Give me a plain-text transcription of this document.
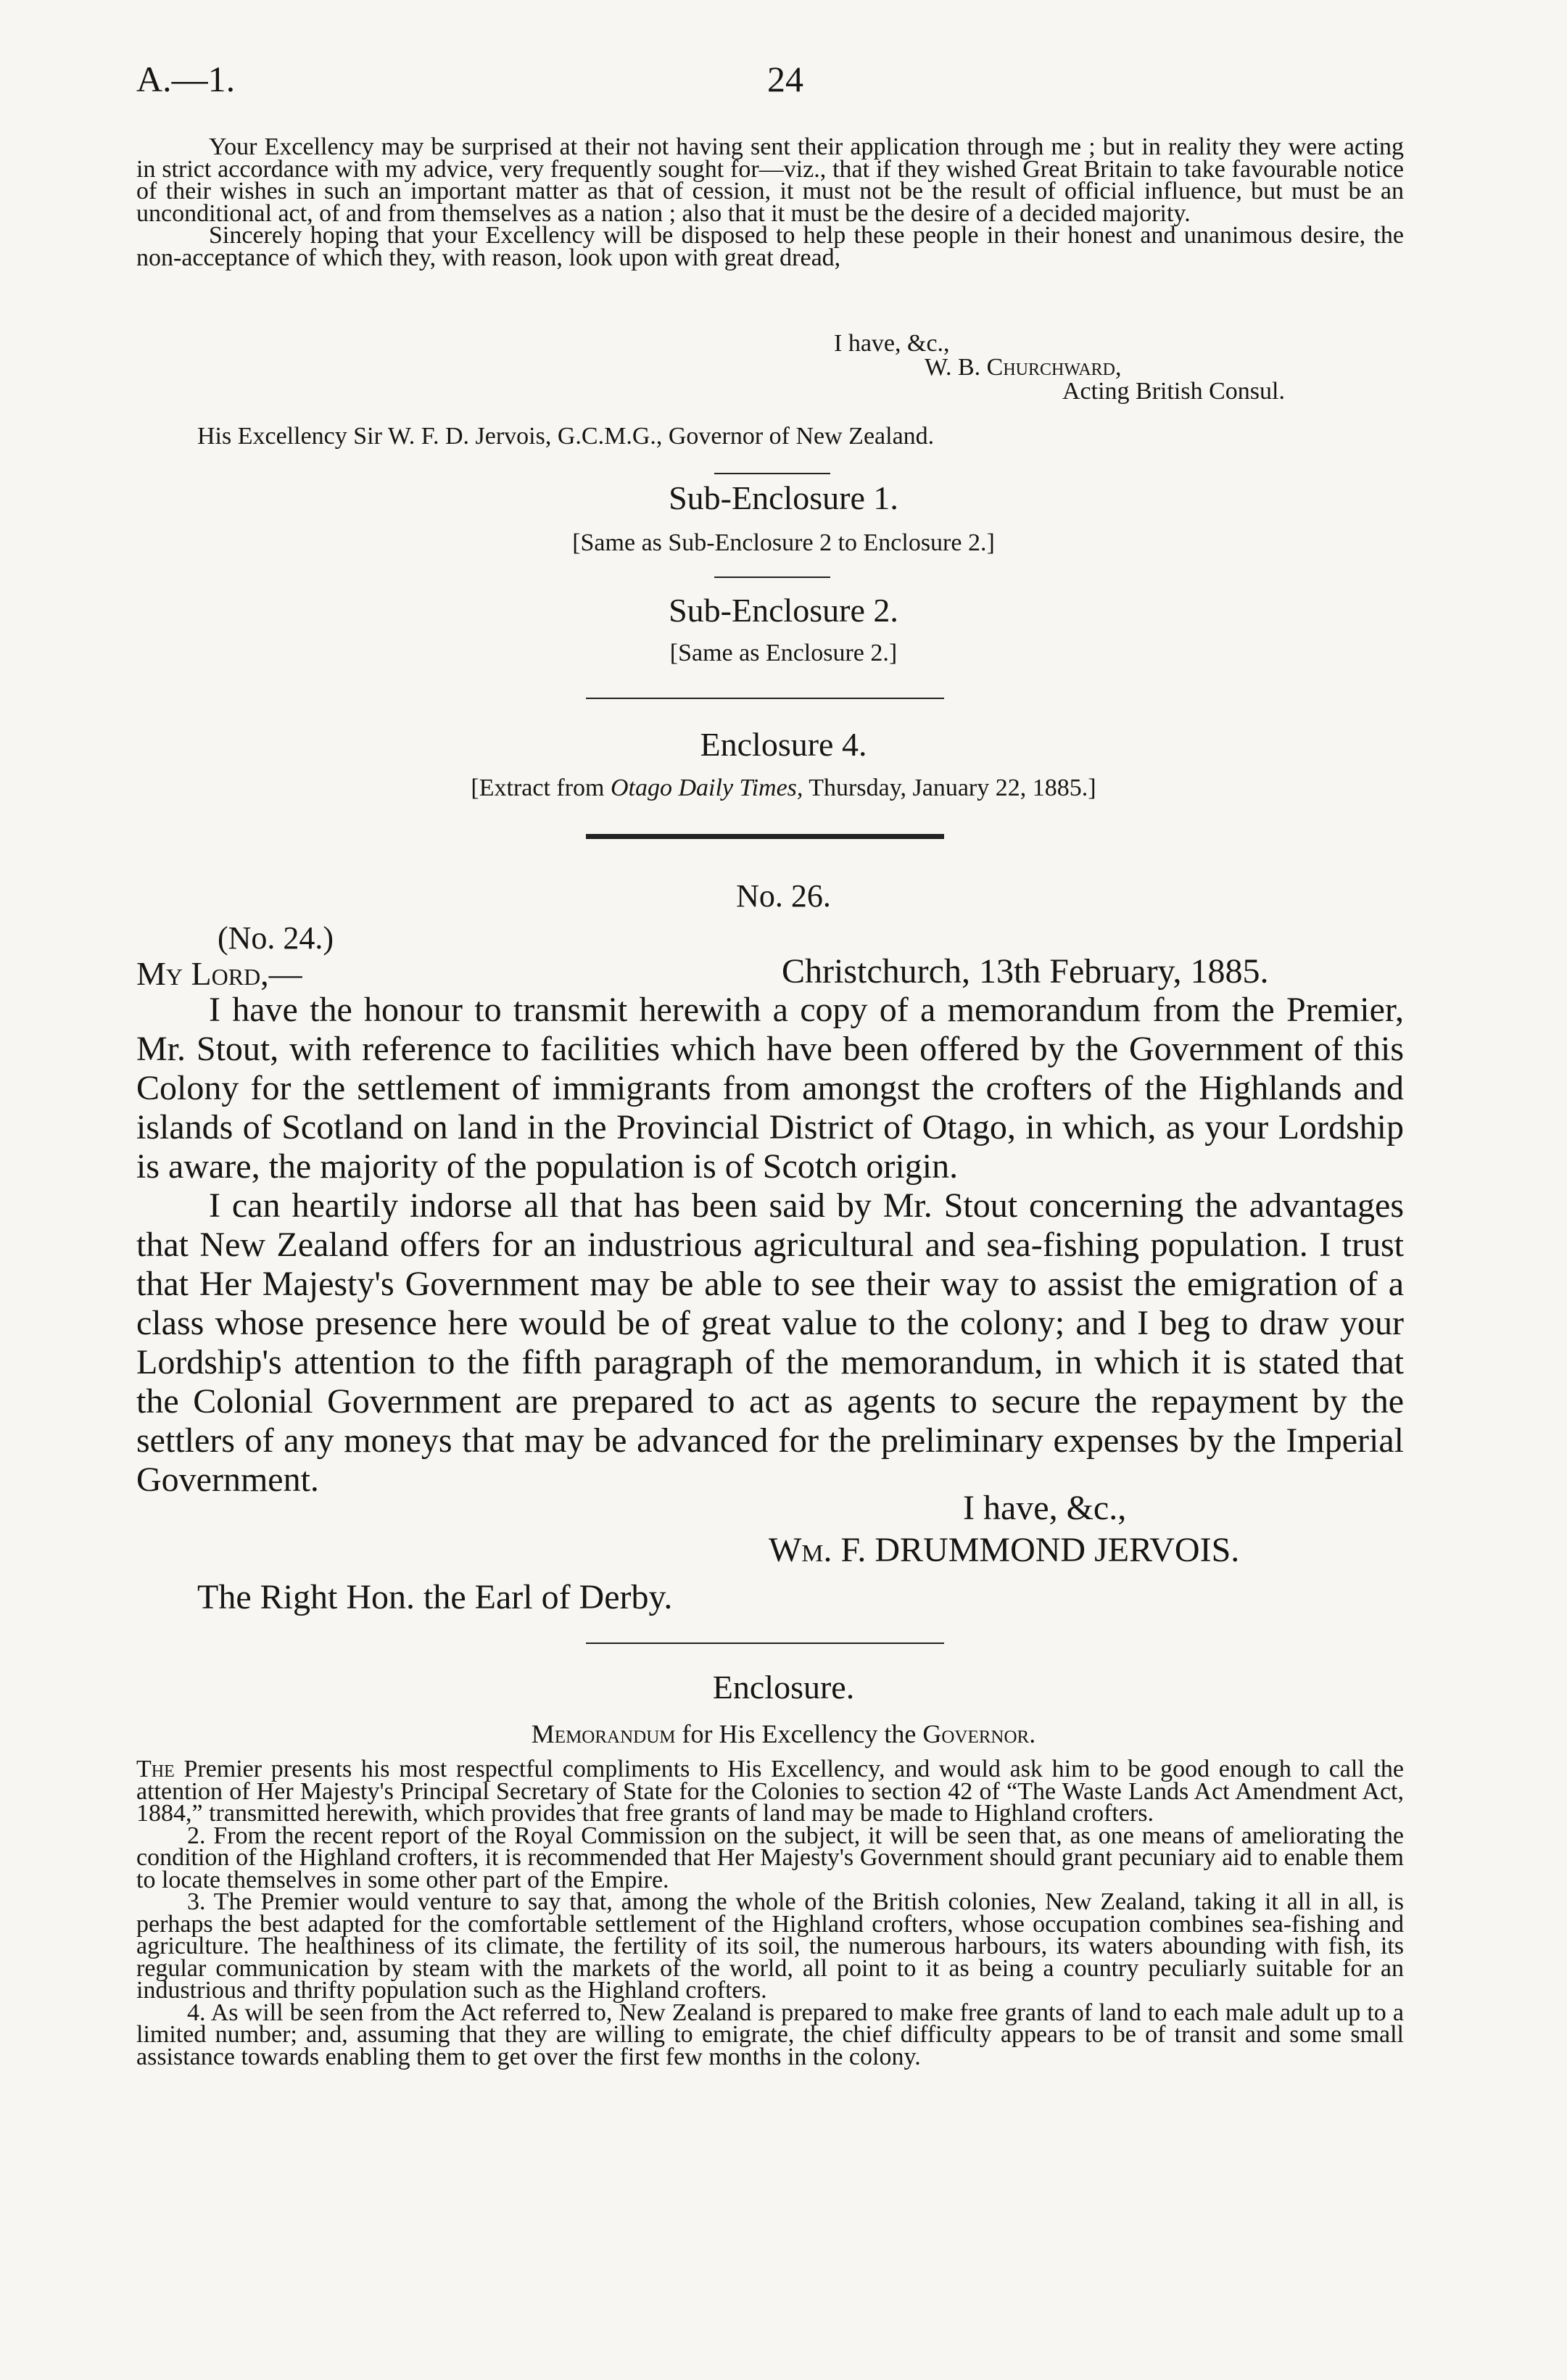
A.—1.	24

Your Excellency may be surprised at their not having sent their application through me ; but in reality they were acting in strict accordance with my advice, very frequently sought for—viz., that if they wished Great Britain to take favourable notice of their wishes in such an important matter as that of cession, it must not be the result of official influence, but must be an unconditional act, of and from themselves as a nation ; also that it must be the desire of a decided majority.

Sincerely hoping that your Excellency will be disposed to help these people in their honest and unanimous desire, the non-acceptance of which they, with reason, look upon with great dread,

I have, &c.,
W. B. Churchward,
Acting British Consul.
His Excellency Sir W. F. D. Jervois, G.C.M.G., Governor of New Zealand.
Sub-Enclosure 1.
[Same as Sub-Enclosure 2 to Enclosure 2.]
Sub-Enclosure 2.
[Same as Enclosure 2.]
Enclosure 4.
[Extract from Otago Daily Times, Thursday, January 22, 1885.]
No. 26.
(No. 24.)
My Lord,—	Christchurch, 13th February, 1885.

I have the honour to transmit herewith a copy of a memorandum from the Premier, Mr. Stout, with reference to facilities which have been offered by the Government of this Colony for the settlement of immigrants from amongst the crofters of the Highlands and islands of Scotland on land in the Provincial District of Otago, in which, as your Lordship is aware, the majority of the population is of Scotch origin.

I can heartily indorse all that has been said by Mr. Stout concerning the advantages that New Zealand offers for an industrious agricultural and sea-fishing population. I trust that Her Majesty's Government may be able to see their way to assist the emigration of a class whose presence here would be of great value to the colony; and I beg to draw your Lordship's attention to the fifth paragraph of the memorandum, in which it is stated that the Colonial Government are prepared to act as agents to secure the repayment by the settlers of any moneys that may be advanced for the preliminary expenses by the Imperial Government.

I have, &c.,
Wm. F. DRUMMOND JERVOIS.
The Right Hon. the Earl of Derby.
Enclosure.
Memorandum for His Excellency the Governor.

The Premier presents his most respectful compliments to His Excellency, and would ask him to be good enough to call the attention of Her Majesty's Principal Secretary of State for the Colonies to section 42 of “The Waste Lands Act Amendment Act, 1884,” transmitted herewith, which provides that free grants of land may be made to Highland crofters.

2. From the recent report of the Royal Commission on the subject, it will be seen that, as one means of ameliorating the condition of the Highland crofters, it is recommended that Her Majesty's Government should grant pecuniary aid to enable them to locate themselves in some other part of the Empire.

3. The Premier would venture to say that, among the whole of the British colonies, New Zealand, taking it all in all, is perhaps the best adapted for the comfortable settlement of the Highland crofters, whose occupation combines sea-fishing and agriculture. The healthiness of its climate, the fertility of its soil, the numerous harbours, its waters abounding with fish, its regular communication by steam with the markets of the world, all point to it as being a country peculiarly suitable for an industrious and thrifty population such as the Highland crofters.

4. As will be seen from the Act referred to, New Zealand is prepared to make free grants of land to each male adult up to a limited number; and, assuming that they are willing to emigrate, the chief difficulty appears to be of transit and some small assistance towards enabling them to get over the first few months in the colony.
